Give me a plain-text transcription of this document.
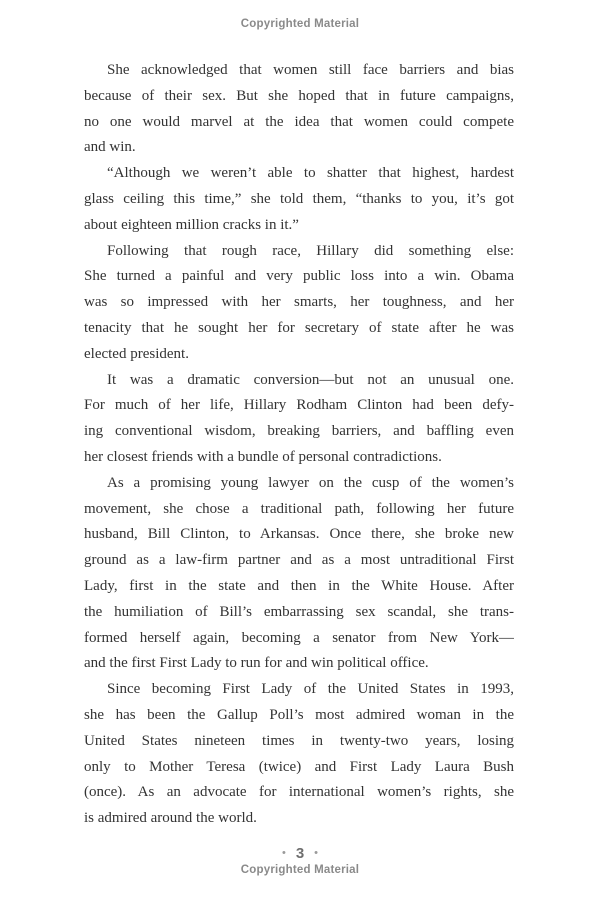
Copyrighted Material
She acknowledged that women still face barriers and bias
because of their sex. But she hoped that in future campaigns,
no one would marvel at the idea that women could compete
and win.
“Although we weren’t able to shatter that highest, hardest
glass ceiling this time,” she told them, “thanks to you, it’s got
about eighteen million cracks in it.”
Following that rough race, Hillary did something else:
She turned a painful and very public loss into a win. Obama
was so impressed with her smarts, her toughness, and her
tenacity that he sought her for secretary of state after he was
elected president.
It was a dramatic conversion—but not an unusual one.
For much of her life, Hillary Rodham Clinton had been defy-
ing conventional wisdom, breaking barriers, and baffling even
her closest friends with a bundle of personal contradictions.
As a promising young lawyer on the cusp of the women’s
movement, she chose a traditional path, following her future
husband, Bill Clinton, to Arkansas. Once there, she broke new
ground as a law-firm partner and as a most untraditional First
Lady, first in the state and then in the White House. After
the humiliation of Bill’s embarrassing sex scandal, she trans-
formed herself again, becoming a senator from New York—
and the first First Lady to run for and win political office.
Since becoming First Lady of the United States in 1993,
she has been the Gallup Poll’s most admired woman in the
United States nineteen times in twenty-two years, losing
only to Mother Teresa (twice) and First Lady Laura Bush
(once). As an advocate for international women’s rights, she
is admired around the world.
• 3 •
Copyrighted Material
